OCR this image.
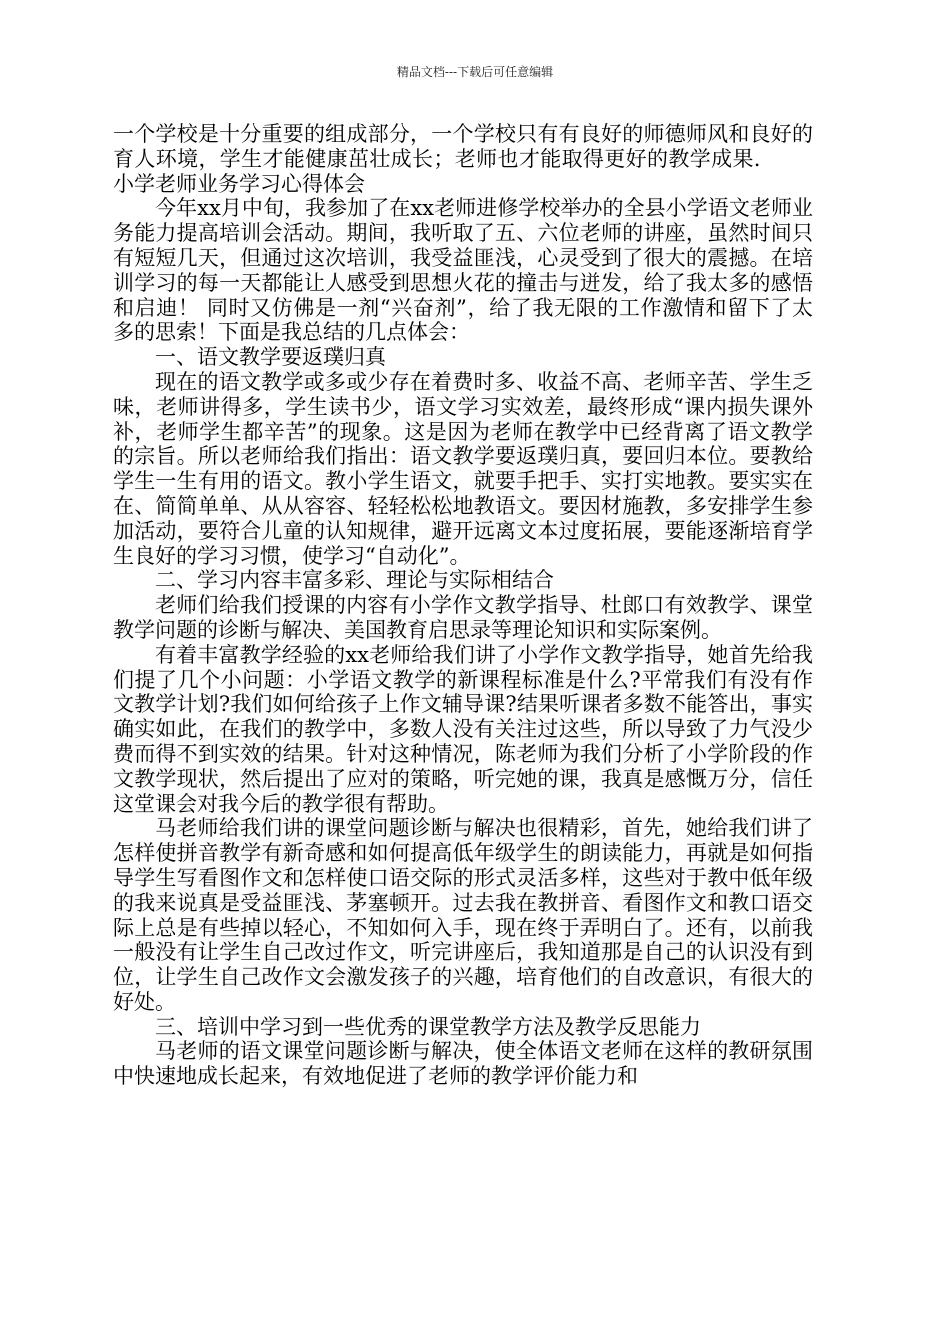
精品文档---下载后可任意编辑

一个学校是十分重要的组成部分，一个学校只有有良好的师德师风和良好的育人环境，学生才能健康茁壮成长；老师也才能取得更好的教学成果.小学老师业务学习心得体会

今年xx月中旬，我参加了在xx老师进修学校举办的全县小学语文老师业务能力提高培训会活动。期间，我听取了五、六位老师的讲座，虽然时间只有短短几天，但通过这次培训，我受益匪浅，心灵受到了很大的震撼。在培训学习的每一天都能让人感受到思想火花的撞击与迸发，给了我太多的感悟和启迪！ 同时又仿佛是一剂“兴奋剂”，给了我无限的工作激情和留下了太多的思索！下面是我总结的几点体会：

一、语文教学要返璞归真

现在的语文教学或多或少存在着费时多、收益不高、老师辛苦、学生乏味，老师讲得多，学生读书少，语文学习实效差，最终形成“课内损失课外补，老师学生都辛苦”的现象。这是因为老师在教学中已经背离了语文教学的宗旨。所以老师给我们指出：语文教学要返璞归真，要回归本位。要教给学生一生有用的语文。教小学生语文，就要手把手、实打实地教。要实实在在、简简单单、从从容容、轻轻松松地教语文。要因材施教，多安排学生参加活动，要符合儿童的认知规律，避开远离文本过度拓展，要能逐渐培育学生良好的学习习惯，使学习“自动化”。

二、学习内容丰富多彩、理论与实际相结合

老师们给我们授课的内容有小学作文教学指导、杜郎口有效教学、课堂教学问题的诊断与解决、美国教育启思录等理论知识和实际案例。

有着丰富教学经验的xx老师给我们讲了小学作文教学指导，她首先给我们提了几个小问题：小学语文教学的新课程标准是什么?平常我们有没有作文教学计划?我们如何给孩子上作文辅导课?结果听课者多数不能答出，事实确实如此，在我们的教学中，多数人没有关注过这些，所以导致了力气没少费而得不到实效的结果。针对这种情况，陈老师为我们分析了小学阶段的作文教学现状，然后提出了应对的策略，听完她的课，我真是感慨万分，信任这堂课会对我今后的教学很有帮助。

马老师给我们讲的课堂问题诊断与解决也很精彩，首先，她给我们讲了怎样使拼音教学有新奇感和如何提高低年级学生的朗读能力，再就是如何指导学生写看图作文和怎样使口语交际的形式灵活多样，这些对于教中低年级的我来说真是受益匪浅、茅塞顿开。过去我在教拼音、看图作文和教口语交际上总是有些掉以轻心，不知如何入手，现在终于弄明白了。还有，以前我一般没有让学生自己改过作文，听完讲座后，我知道那是自己的认识没有到位，让学生自己改作文会激发孩子的兴趣，培育他们的自改意识，有很大的好处。

三、培训中学习到一些优秀的课堂教学方法及教学反思能力

马老师的语文课堂问题诊断与解决，使全体语文老师在这样的教研氛围中快速地成长起来，有效地促进了老师的教学评价能力和
